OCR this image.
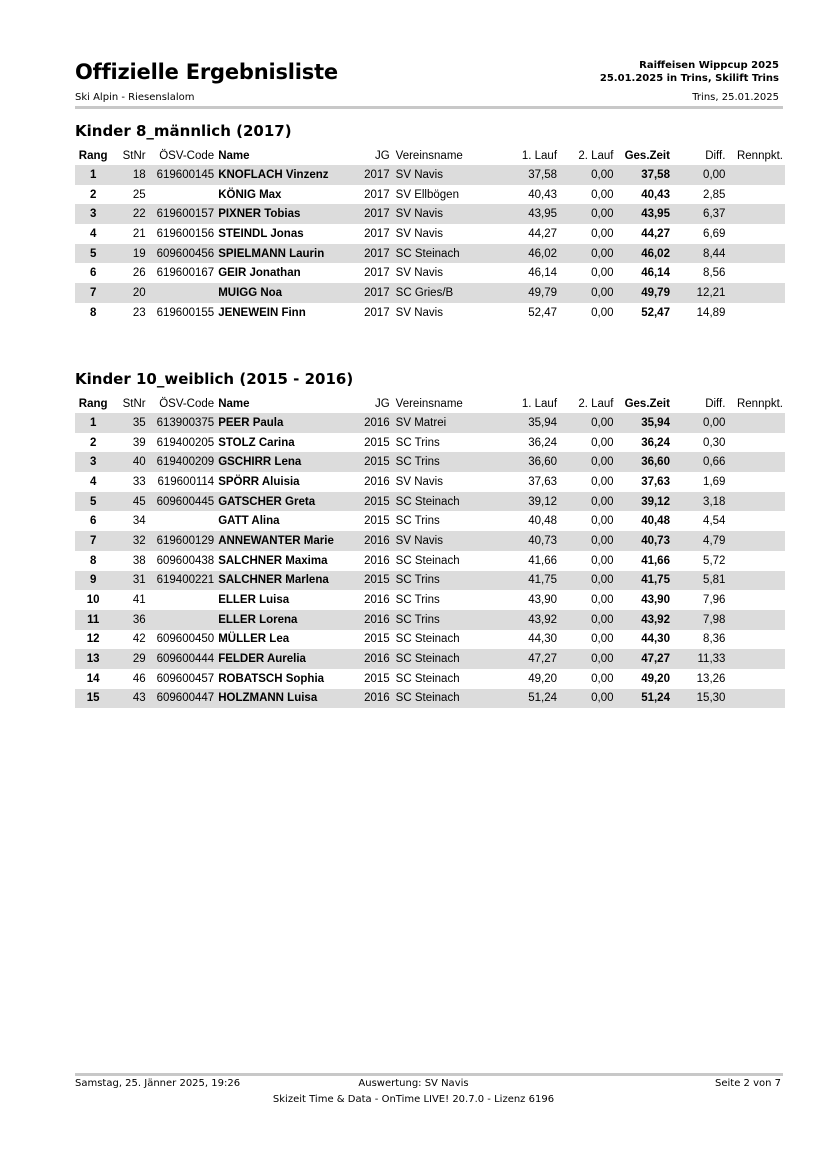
Offizielle Ergebnisliste
Ski Alpin - Riesenslalom
Raiffeisen Wippcup 2025
25.01.2025 in Trins, Skilift Trins
Trins, 25.01.2025
Kinder 8_männlich (2017)
Rang	StNr	ÖSV-Code	Name	JG	Vereinsname	1. Lauf	2. Lauf	Ges.Zeit	Diff.	Rennpkt.
1	18	619600145	KNOFLACH Vinzenz	2017	SV Navis	37,58	0,00	37,58	0,00	
2	25		KÖNIG Max	2017	SV Ellbögen	40,43	0,00	40,43	2,85	
3	22	619600157	PIXNER Tobias	2017	SV Navis	43,95	0,00	43,95	6,37	
4	21	619600156	STEINDL Jonas	2017	SV Navis	44,27	0,00	44,27	6,69	
5	19	609600456	SPIELMANN Laurin	2017	SC Steinach	46,02	0,00	46,02	8,44	
6	26	619600167	GEIR Jonathan	2017	SV Navis	46,14	0,00	46,14	8,56	
7	20		MUIGG Noa	2017	SC Gries/B	49,79	0,00	49,79	12,21	
8	23	619600155	JENEWEIN Finn	2017	SV Navis	52,47	0,00	52,47	14,89	
Kinder 10_weiblich (2015 - 2016)
Rang	StNr	ÖSV-Code	Name	JG	Vereinsname	1. Lauf	2. Lauf	Ges.Zeit	Diff.	Rennpkt.
1	35	613900375	PEER Paula	2016	SV Matrei	35,94	0,00	35,94	0,00	
2	39	619400205	STOLZ Carina	2015	SC Trins	36,24	0,00	36,24	0,30	
3	40	619400209	GSCHIRR Lena	2015	SC Trins	36,60	0,00	36,60	0,66	
4	33	619600114	SPÖRR Aluisia	2016	SV Navis	37,63	0,00	37,63	1,69	
5	45	609600445	GATSCHER Greta	2015	SC Steinach	39,12	0,00	39,12	3,18	
6	34		GATT Alina	2015	SC Trins	40,48	0,00	40,48	4,54	
7	32	619600129	ANNEWANTER Marie	2016	SV Navis	40,73	0,00	40,73	4,79	
8	38	609600438	SALCHNER Maxima	2016	SC Steinach	41,66	0,00	41,66	5,72	
9	31	619400221	SALCHNER Marlena	2015	SC Trins	41,75	0,00	41,75	5,81	
10	41		ELLER Luisa	2016	SC Trins	43,90	0,00	43,90	7,96	
11	36		ELLER Lorena	2016	SC Trins	43,92	0,00	43,92	7,98	
12	42	609600450	MÜLLER Lea	2015	SC Steinach	44,30	0,00	44,30	8,36	
13	29	609600444	FELDER Aurelia	2016	SC Steinach	47,27	0,00	47,27	11,33	
14	46	609600457	ROBATSCH Sophia	2015	SC Steinach	49,20	0,00	49,20	13,26	
15	43	609600447	HOLZMANN Luisa	2016	SC Steinach	51,24	0,00	51,24	15,30	
Samstag, 25. Jänner 2025, 19:26	Auswertung: SV Navis	Seite 2 von 7
Skizeit Time & Data - OnTime LIVE! 20.7.0 - Lizenz 6196
